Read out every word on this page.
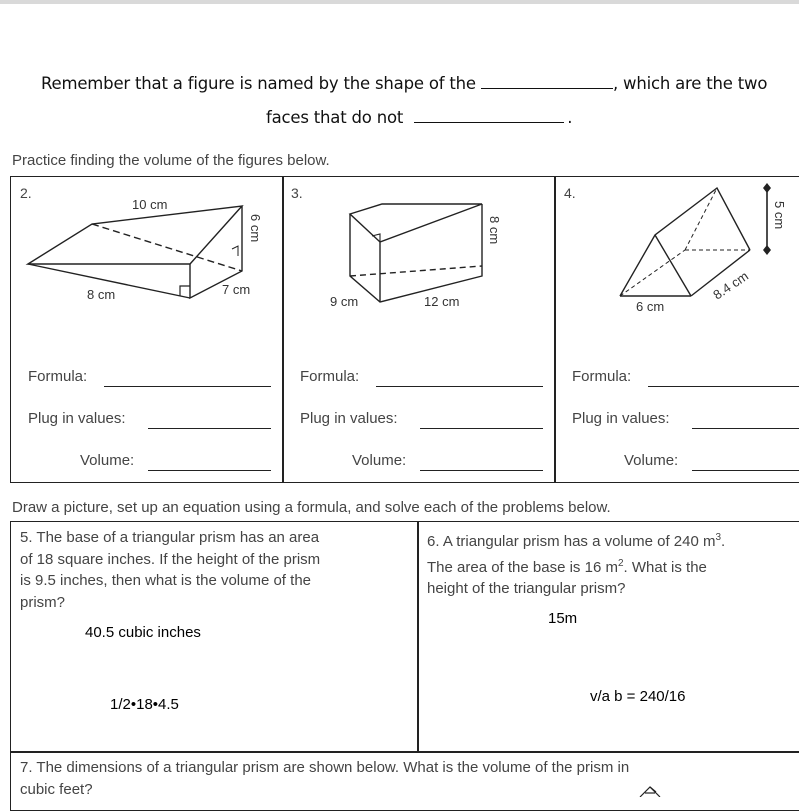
Remember that a figure is named by the shape of the	, which are the two
faces that do not	.
Practice finding the volume of the figures below.
2.	3.	4.
10 cm
6 cm
8 cm	7 cm
8 cm
9 cm	12 cm
5 cm
8.4 cm
6 cm
Formula:
Plug in values:
Volume:
Formula:
Plug in values:
Volume:
Formula:
Plug in values:
Volume:
Draw a picture, set up an equation using a formula, and solve each of the problems below.
5. The base of a triangular prism has an area
of 18 square inches. If the height of the prism
is 9.5 inches, then what is the volume of the
prism?
40.5 cubic inches
1/2•18•4.5
6. A triangular prism has a volume of 240 $m^3$.
The area of the base is 16 $m^2$. What is the
height of the triangular prism?
15m
v/a b = 240/16
7. The dimensions of a triangular prism are shown below. What is the volume of the prism in
cubic feet?
